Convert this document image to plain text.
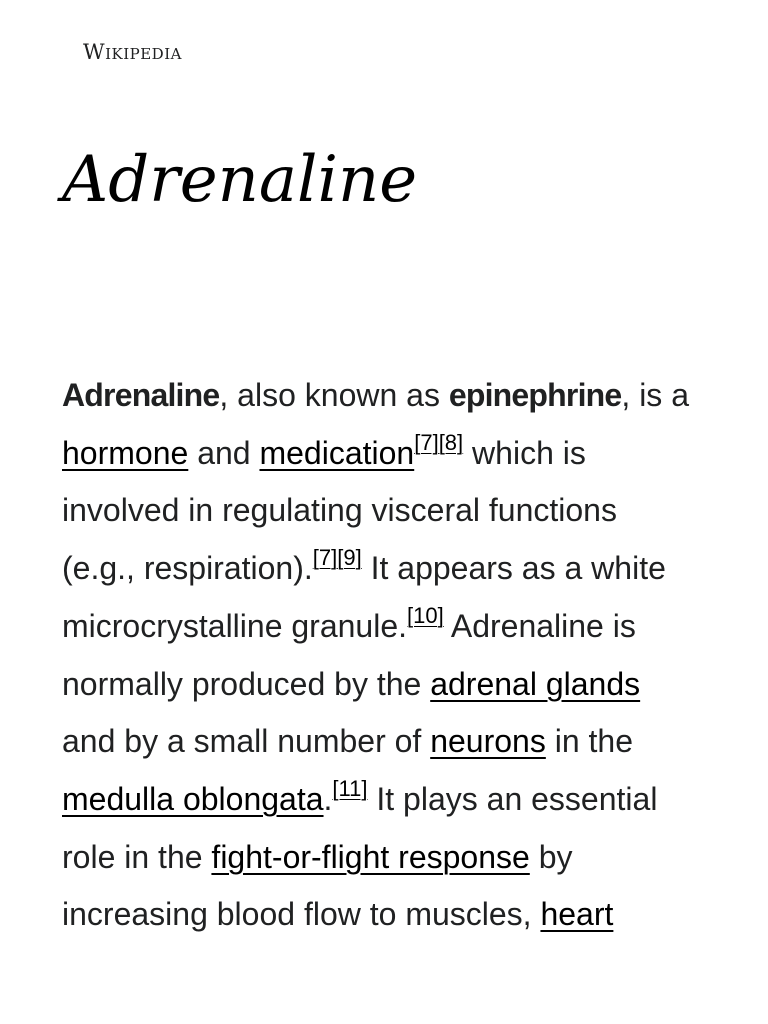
Wikipedia
Adrenaline

Adrenaline, also known as epinephrine, is a
hormone and medication[7][8] which is
involved in regulating visceral functions
(e.g., respiration).[7][9] It appears as a white
microcrystalline granule.[10] Adrenaline is
normally produced by the adrenal glands
and by a small number of neurons in the
medulla oblongata.[11] It plays an essential
role in the fight-or-flight response by
increasing blood flow to muscles, heart
